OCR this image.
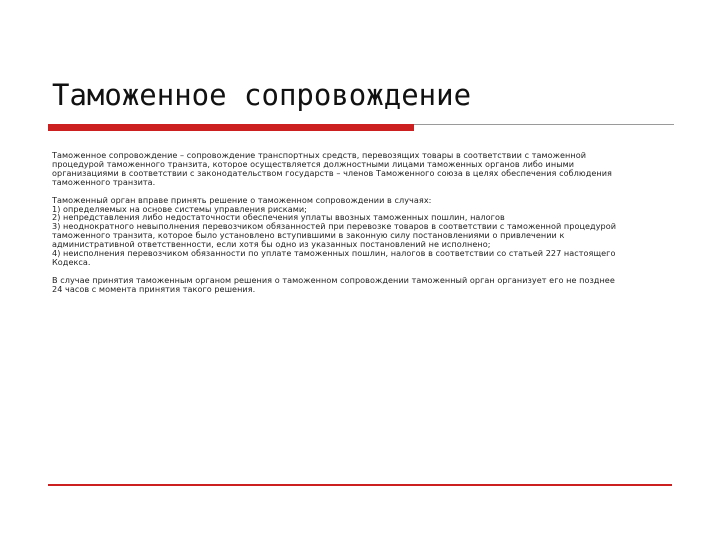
Таможенное сопровождение

Таможенное сопровождение – сопровождение транспортных средств, перевозящих товары в соответствии с таможенной
процедурой таможенного транзита, которое осуществляется должностными лицами таможенных органов либо иными
организациями в соответствии с законодательством государств – членов Таможенного союза в целях обеспечения соблюдения
таможенного транзита.

Таможенный орган вправе принять решение о таможенном сопровождении в случаях:
1) определяемых на основе системы управления рисками;
2) непредставления либо недостаточности обеспечения уплаты ввозных таможенных пошлин, налогов
3) неоднократного невыполнения перевозчиком обязанностей при перевозке товаров в соответствии с таможенной процедурой
таможенного транзита, которое было установлено вступившими в законную силу постановлениями о привлечении к
административной ответственности, если хотя бы одно из указанных постановлений не исполнено;
4) неисполнения перевозчиком обязанности по уплате таможенных пошлин, налогов в соответствии со статьей 227 настоящего
Кодекса.

В случае принятия таможенным органом решения о таможенном сопровождении таможенный орган организует его не позднее
24 часов с момента принятия такого решения.
